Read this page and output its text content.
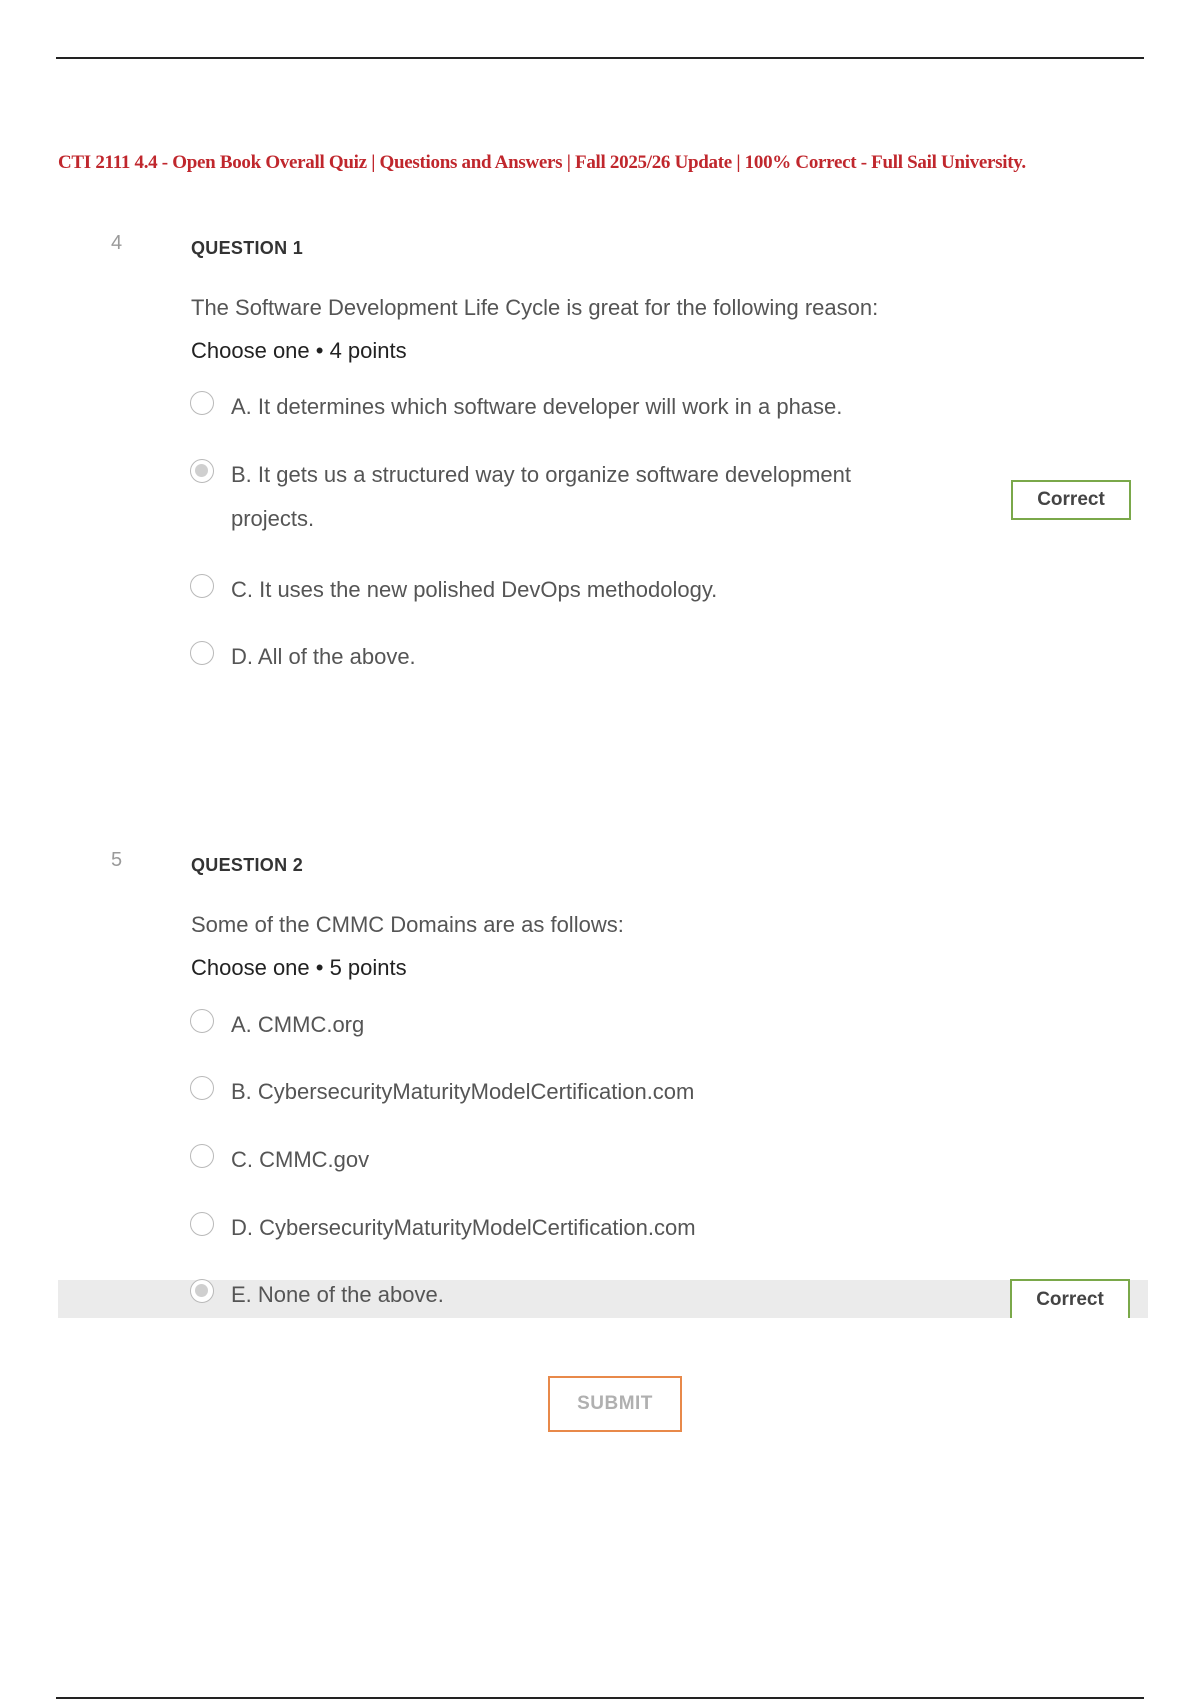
CTI 2111 4.4 - Open Book Overall Quiz | Questions and Answers | Fall 2025/26 Update | 100% Correct - Full Sail University.
4	QUESTION 1
The Software Development Life Cycle is great for the following reason:
Choose one • 4 points
A. It determines which software developer will work in a phase.
B. It gets us a structured way to organize software development projects.
C. It uses the new polished DevOps methodology.
D. All of the above.
Correct
5	QUESTION 2
Some of the CMMC Domains are as follows:
Choose one • 5 points
A. CMMC.org
B. CybersecurityMaturityModelCertification.com
C. CMMC.gov
D. CybersecurityMaturityModelCertification.com
E. None of the above.	Correct
SUBMIT
